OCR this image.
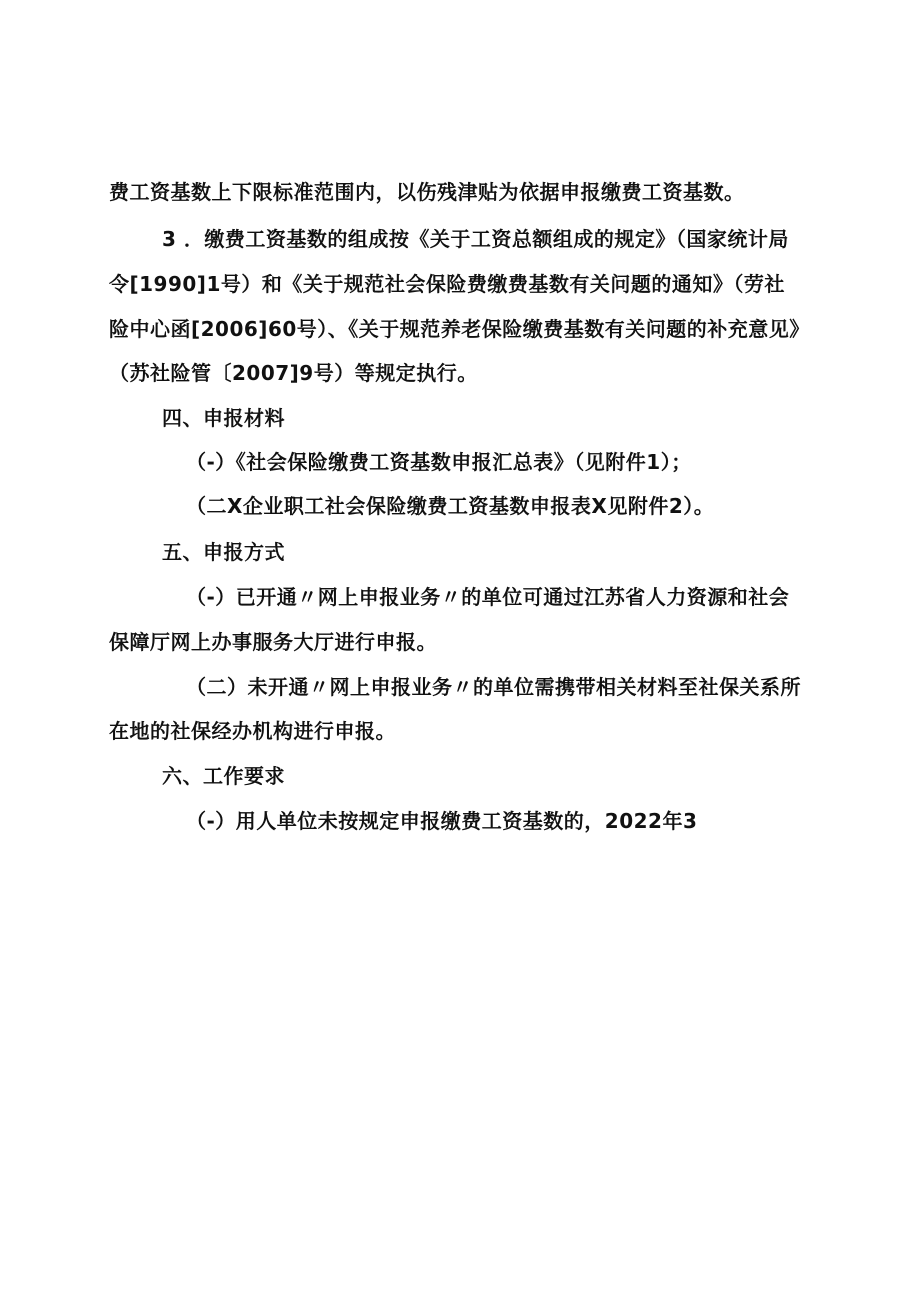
费工资基数上下限标准范围内，以伤残津贴为依据申报缴费工资基数。
3 ．缴费工资基数的组成按《关于工资总额组成的规定》（国家统计局
令[1990]1号）和《关于规范社会保险费缴费基数有关问题的通知》（劳社
险中心函[2006]60号）、《关于规范养老保险缴费基数有关问题的补充意见》
（苏社险管〔2007]9号）等规定执行。
四、申报材料
（-）《社会保险缴费工资基数申报汇总表》（见附件1）；
（二X企业职工社会保险缴费工资基数申报表X见附件2）。
五、申报方式
（-）已开通〃网上申报业务〃的单位可通过江苏省人力资源和社会
保障厅网上办事服务大厅进行申报。
（二）未开通〃网上申报业务〃的单位需携带相关材料至社保关系所
在地的社保经办机构进行申报。
六、工作要求
（-）用人单位未按规定申报缴费工资基数的，2022年3
